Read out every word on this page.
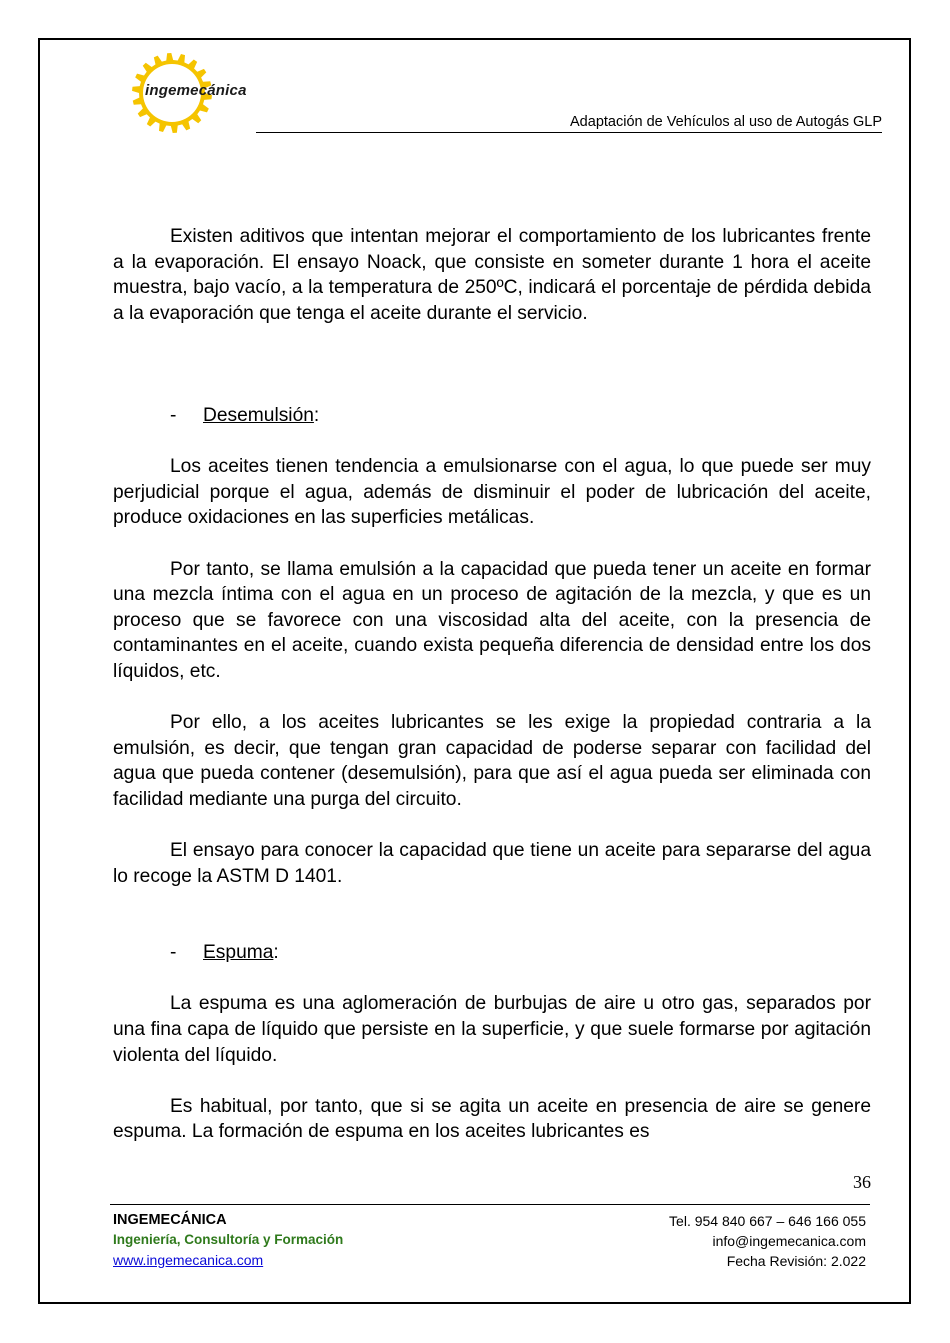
ingemecánica
Adaptación de Vehículos al uso de Autogás GLP

Existen aditivos que intentan mejorar el comportamiento de los lubricantes frente a la evaporación. El ensayo Noack, que consiste en someter durante 1 hora el aceite muestra, bajo vacío, a la temperatura de 250ºC, indicará el porcentaje de pérdida debida a la evaporación que tenga el aceite durante el servicio.

- Desemulsión:

Los aceites tienen tendencia a emulsionarse con el agua, lo que puede ser muy perjudicial porque el agua, además de disminuir el poder de lubricación del aceite, produce oxidaciones en las superficies metálicas.

Por tanto, se llama emulsión a la capacidad que pueda tener un aceite en formar una mezcla íntima con el agua en un proceso de agitación de la mezcla, y que es un proceso que se favorece con una viscosidad alta del aceite, con la presencia de contaminantes en el aceite, cuando exista pequeña diferencia de densidad entre los dos líquidos, etc.

Por ello, a los aceites lubricantes se les exige la propiedad contraria a la emulsión, es decir, que tengan gran capacidad de poderse separar con facilidad del agua que pueda contener (desemulsión), para que así el agua pueda ser eliminada con facilidad mediante una purga del circuito.

El ensayo para conocer la capacidad que tiene un aceite para separarse del agua lo recoge la ASTM D 1401.

- Espuma:

La espuma es una aglomeración de burbujas de aire u otro gas, separados por una fina capa de líquido que persiste en la superficie, y que suele formarse por agitación violenta del líquido.

Es habitual, por tanto, que si se agita un aceite en presencia de aire se genere espuma. La formación de espuma en los aceites lubricantes es

36
INGEMECÁNICA
Ingeniería, Consultoría y Formación
www.ingemecanica.com
Tel. 954 840 667 – 646 166 055
info@ingemecanica.com
Fecha Revisión: 2.022
